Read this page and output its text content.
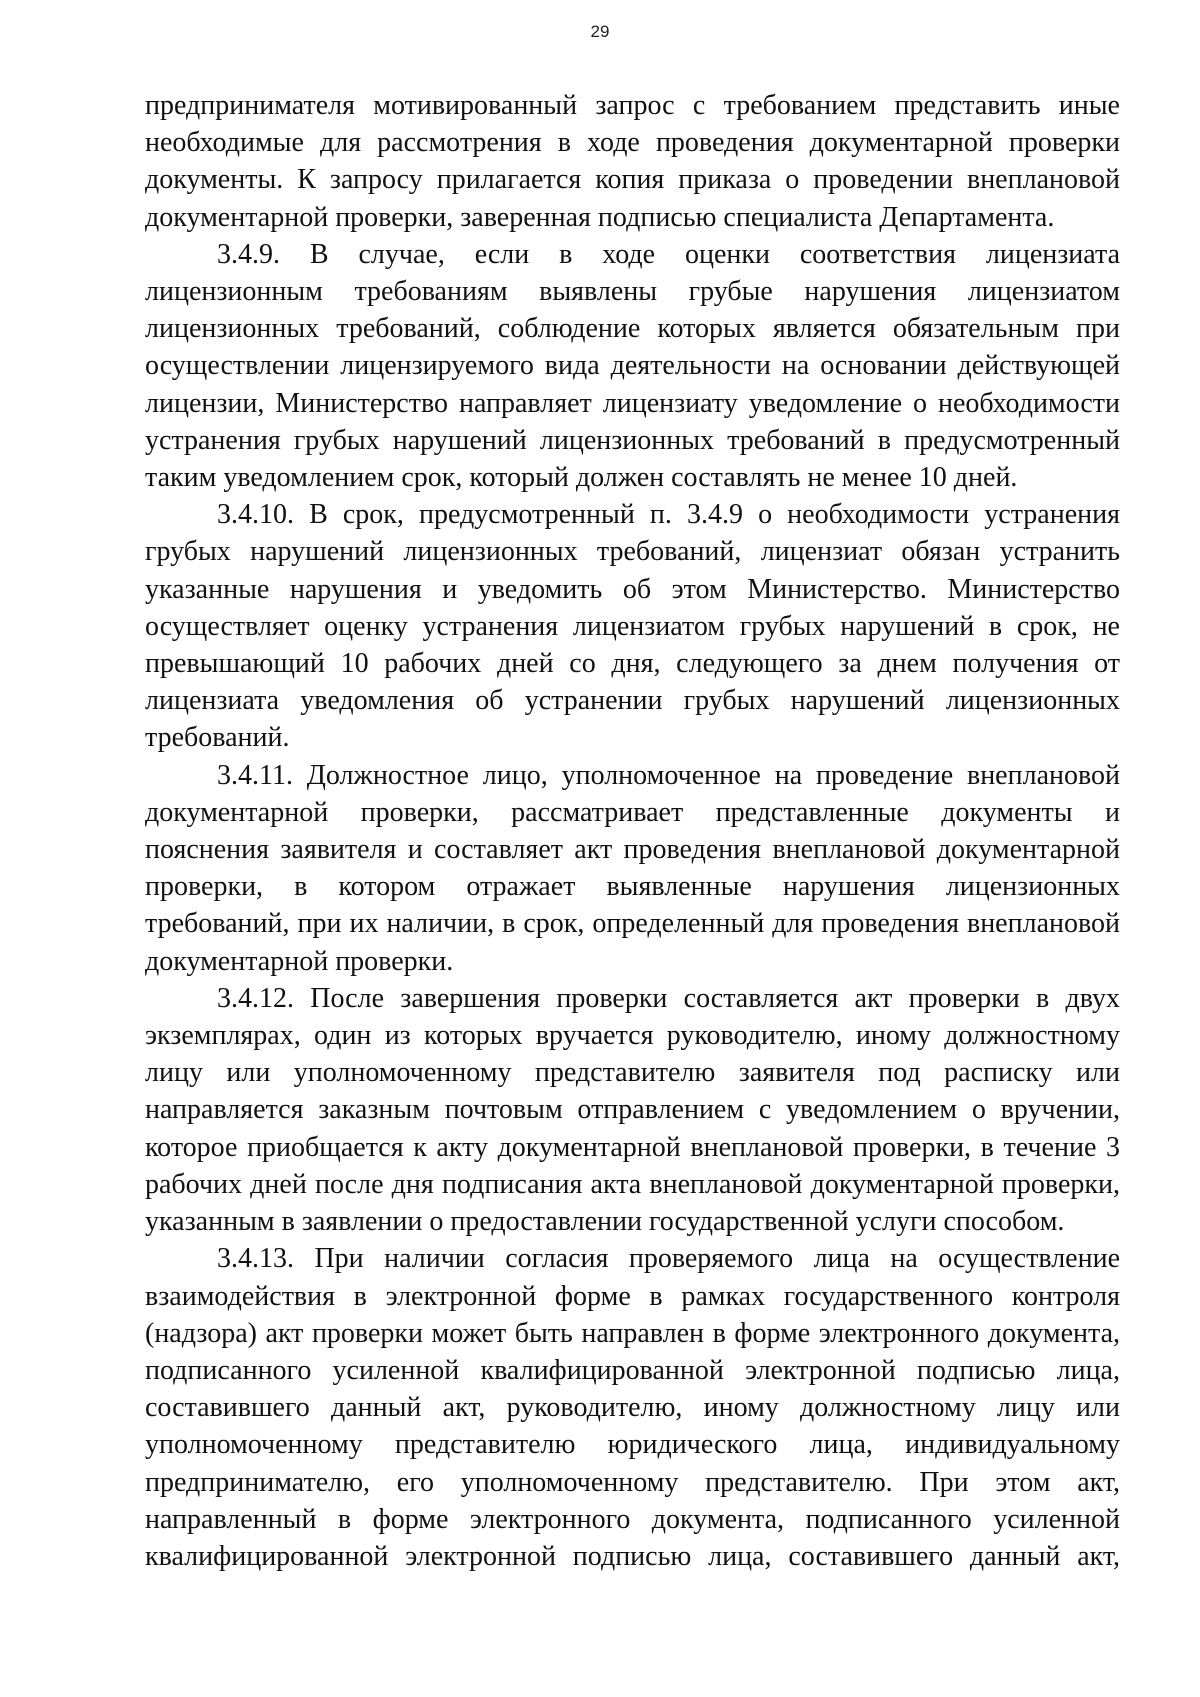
29

предпринимателя мотивированный запрос с требованием представить иные необходимые для рассмотрения в ходе проведения документарной проверки документы. К запросу прилагается копия приказа о проведении внеплановой документарной проверки, заверенная подписью специалиста Департамента.

3.4.9. В случае, если в ходе оценки соответствия лицензиата лицензионным требованиям выявлены грубые нарушения лицензиатом лицензионных требований, соблюдение которых является обязательным при осуществлении лицензируемого вида деятельности на основании действующей лицензии, Министерство направляет лицензиату уведомление о необходимости устранения грубых нарушений лицензионных требований в предусмотренный таким уведомлением срок, который должен составлять не менее 10 дней.

3.4.10. В срок, предусмотренный п. 3.4.9 о необходимости устранения грубых нарушений лицензионных требований, лицензиат обязан устранить указанные нарушения и уведомить об этом Министерство. Министерство осуществляет оценку устранения лицензиатом грубых нарушений в срок, не превышающий 10 рабочих дней со дня, следующего за днем получения от лицензиата уведомления об устранении грубых нарушений лицензионных требований.

3.4.11. Должностное лицо, уполномоченное на проведение внеплановой документарной проверки, рассматривает представленные документы и пояснения заявителя и составляет акт проведения внеплановой документарной проверки, в котором отражает выявленные нарушения лицензионных требований, при их наличии, в срок, определенный для проведения внеплановой документарной проверки.

3.4.12. После завершения проверки составляется акт проверки в двух экземплярах, один из которых вручается руководителю, иному должностному лицу или уполномоченному представителю заявителя под расписку или направляется заказным почтовым отправлением с уведомлением о вручении, которое приобщается к акту документарной внеплановой проверки, в течение 3 рабочих дней после дня подписания акта внеплановой документарной проверки, указанным в заявлении о предоставлении государственной услуги способом.

3.4.13. При наличии согласия проверяемого лица на осуществление взаимодействия в электронной форме в рамках государственного контроля (надзора) акт проверки может быть направлен в форме электронного документа, подписанного усиленной квалифицированной электронной подписью лица, составившего данный акт, руководителю, иному должностному лицу или уполномоченному представителю юридического лица, индивидуальному предпринимателю, его уполномоченному представителю. При этом акт, направленный в форме электронного документа, подписанного усиленной квалифицированной электронной подписью лица, составившего данный акт,
